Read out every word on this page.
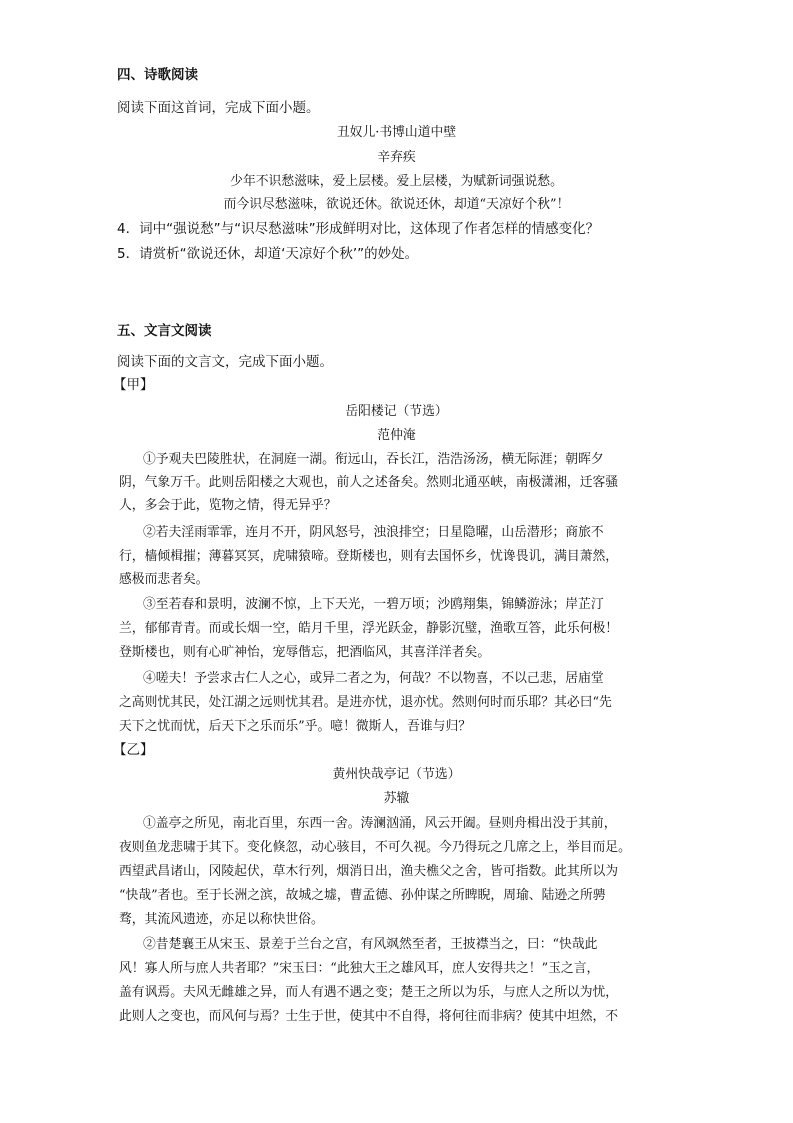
四、诗歌阅读
阅读下面这首词，完成下面小题。
丑奴儿·书博山道中壁
辛弃疾
少年不识愁滋味，爱上层楼。爱上层楼，为赋新词强说愁。
而今识尽愁滋味，欲说还休。欲说还休，却道“天凉好个秋”！
4．词中“强说愁”与“识尽愁滋味”形成鲜明对比，这体现了作者怎样的情感变化？
5．请赏析“欲说还休，却道‘天凉好个秋’”的妙处。
五、文言文阅读
阅读下面的文言文，完成下面小题。
【甲】
岳阳楼记（节选）
范仲淹
①予观夫巴陵胜状，在洞庭一湖。衔远山，吞长江，浩浩汤汤，横无际涯；朝晖夕
阴，气象万千。此则岳阳楼之大观也，前人之述备矣。然则北通巫峡，南极潇湘，迁客骚
人，多会于此，览物之情，得无异乎？
②若夫淫雨霏霏，连月不开，阴风怒号，浊浪排空；日星隐曜，山岳潜形；商旅不
行，樯倾楫摧；薄暮冥冥，虎啸猿啼。登斯楼也，则有去国怀乡，忧谗畏讥，满目萧然，
感极而悲者矣。
③至若春和景明，波澜不惊，上下天光，一碧万顷；沙鸥翔集，锦鳞游泳；岸芷汀
兰，郁郁青青。而或长烟一空，皓月千里，浮光跃金，静影沉璧，渔歌互答，此乐何极！
登斯楼也，则有心旷神怡，宠辱偕忘，把酒临风，其喜洋洋者矣。
④嗟夫！予尝求古仁人之心，或异二者之为，何哉？不以物喜，不以己悲，居庙堂
之高则忧其民，处江湖之远则忧其君。是进亦忧，退亦忧。然则何时而乐耶？其必曰“先
天下之忧而忧，后天下之乐而乐”乎。噫！微斯人，吾谁与归？
【乙】
黄州快哉亭记（节选）
苏辙
①盖亭之所见，南北百里，东西一舍。涛澜汹涌，风云开阖。昼则舟楫出没于其前，
夜则鱼龙悲啸于其下。变化倏忽，动心骇目，不可久视。今乃得玩之几席之上，举目而足。
西望武昌诸山，冈陵起伏，草木行列，烟消日出，渔夫樵父之舍，皆可指数。此其所以为
“快哉”者也。至于长洲之滨，故城之墟，曹孟德、孙仲谋之所睥睨，周瑜、陆逊之所骋
骛，其流风遗迹，亦足以称快世俗。
②昔楚襄王从宋玉、景差于兰台之宫，有风飒然至者，王披襟当之，曰：“快哉此
风！寡人所与庶人共者耶？”宋玉曰：“此独大王之雄风耳，庶人安得共之！”玉之言，
盖有讽焉。夫风无雌雄之异，而人有遇不遇之变；楚王之所以为乐，与庶人之所以为忧，
此则人之变也，而风何与焉？士生于世，使其中不自得，将何往而非病？使其中坦然，不
